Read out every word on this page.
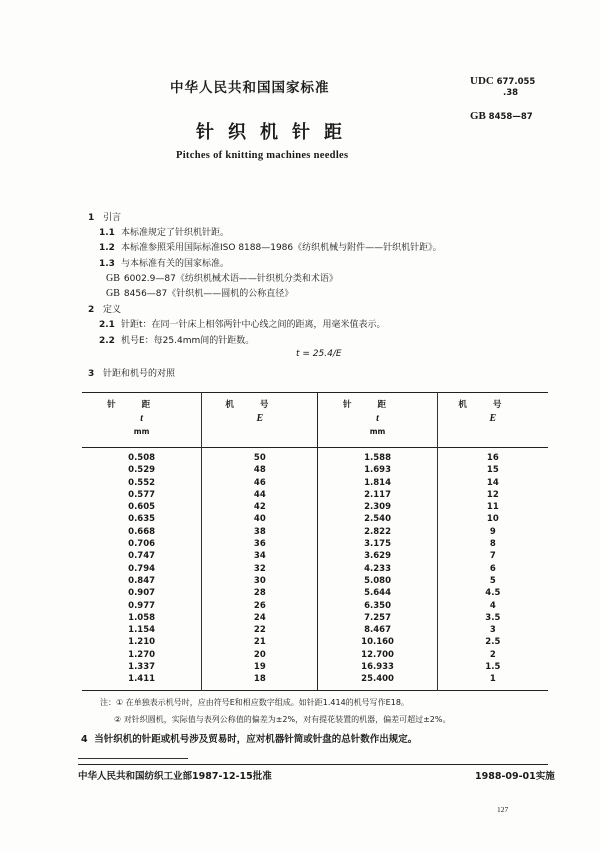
中华人民共和国国家标准	UDC 677.055
.38
GB 8458—87
针织机针距
Pitches of knitting machines needles
1 引言
1.1 本标准规定了针织机针距。
1.2 本标准参照采用国际标准ISO 8188—1986《纺织机械与附件——针织机针距》。
1.3 与本标准有关的国家标准。
GB 6002.9—87《纺织机械术语——针织机分类和术语》
GB 8456—87《针织机——圆机的公称直径》
2 定义
2.1 针距t：在同一针床上相邻两针中心线之间的距离，用毫米值表示。
2.2 机号E：每25.4mm间的针距数。
t = 25.4/E
3 针距和机号的对照
针距
t
mm

机号
E

针距
t
mm

机号
E

0.508	50	1.588	16
0.529	48	1.693	15
0.552	46	1.814	14
0.577	44	2.117	12
0.605	42	2.309	11
0.635	40	2.540	10
0.668	38	2.822	9
0.706	36	3.175	8
0.747	34	3.629	7
0.794	32	4.233	6
0.847	30	5.080	5
0.907	28	5.644	4.5
0.977	26	6.350	4
1.058	24	7.257	3.5
1.154	22	8.467	3
1.210	21	10.160	2.5
1.270	20	12.700	2
1.337	19	16.933	1.5
1.411	18	25.400	1
注：① 在单独表示机号时，应由符号E和相应数字组成。如针距1.414的机号写作E18。
② 对针织圆机，实际值与表列公称值的偏差为±2%，对有提花装置的机器，偏差可超过±2%。
4 当针织机的针距或机号涉及贸易时，应对机器针筒或针盘的总针数作出规定。
中华人民共和国纺织工业部1987-12-15批准	1988-09-01实施
127
